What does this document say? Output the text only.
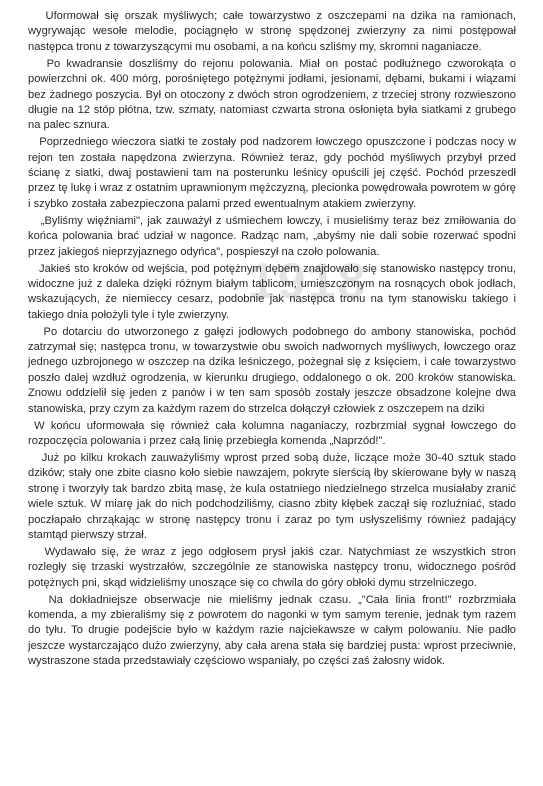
Uformował się orszak myśliwych; całe towarzystwo z oszczepami na dzika na ramionach, wygrywając wesołe melodie, pociągnęło w stronę spędzonej zwierzyny za nimi postępował następca tronu z towarzyszącymi mu osobami, a na końcu szliśmy my, skromni naganiacze.

Po kwadransie doszliśmy do rejonu polowania. Miał on postać podłużnego czworokąta o powierzchni ok. 400 mórg, porośniętego potężnymi jodłami, jesionami, dębami, bukami i wiązami bez żadnego poszycia. Był on otoczony z dwóch stron ogrodzeniem, z trzeciej strony rozwieszono długie na 12 stóp płótna, tzw. szmaty, natomiast czwarta strona osłonięta była siatkami z grubego na palec sznura.

Poprzedniego wieczora siatki te zostały pod nadzorem łowczego opuszczone i podczas nocy w rejon ten została napędzona zwierzyna. Również teraz, gdy pochód myśliwych przybył przed ścianę z siatki, dwaj postawieni tam na posterunku leśnicy opuścili jej część. Pochód przeszedł przez tę lukę i wraz z ostatnim uprawnionym mężczyzną, plecionka powędrowała powrotem w górę i szybko została zabezpieczona palami przed ewentualnym atakiem zwierzyny.

„Byliśmy więźniami", jak zauważył z uśmiechem łowczy, i musieliśmy teraz bez zmiłowania do końca polowania brać udział w nagonce. Radząc nam, „abyśmy nie dali sobie rozerwać spodni przez jakiegoś nieprzyjaznego odyńca", pospieszył na czoło polowania.

Jakieś sto kroków od wejścia, pod potężnym dębem znajdowało się stanowisko następcy tronu, widoczne już z daleka dzięki różnym białym tablicom, umieszczonym na rosnących obok jodłach, wskazujących, że niemieccy cesarz, podobnie jak następca tronu na tym stanowisku takiego i takiego dnia położyli tyle i tyle zwierzyny.

Po dotarciu do utworzonego z gałęzi jodłowych podobnego do ambony stanowiska, pochód zatrzymał się; następca tronu, w towarzystwie obu swoich nadwornych myśliwych, łowczego oraz jednego uzbrojonego w oszczep na dzika leśniczego, pożegnał się z księciem, i całe towarzystwo poszło dalej wzdłuż ogrodzenia, w kierunku drugiego, oddalonego o ok. 200 kroków stanowiska. Znowu oddzielił się jeden z panów i w ten sam sposób zostały jeszcze obsadzone kolejne dwa stanowiska, przy czym za każdym razem do strzelca dołączył człowiek z oszczepem na dziki

W końcu uformowała się również cała kolumna naganiaczy, rozbrzmiał sygnał łowczego do rozpoczęcia polowania i przez całą linię przebiegła komenda „Naprzód!".

Już po kilku krokach zauważyliśmy wprost przed sobą duże, liczące może 30-40 sztuk stado dzików; stały one zbite ciasno koło siebie nawzajem, pokryte sierścią łby skierowane były w naszą stronę i tworzyły tak bardzo zbitą masę, że kula ostatniego niedzielnego strzelca musiałaby zranić wiele sztuk. W miarę jak do nich podchodziliśmy, ciasno zbity kłębek zaczął się rozluźniać, stado poczłapało chrząkając w stronę następcy tronu i zaraz po tym usłyszeliśmy również padający stamtąd pierwszy strzał.

Wydawało się, że wraz z jego odgłosem prysł jakiś czar. Natychmiast ze wszystkich stron rozległy się trzaski wystrzałów, szczególnie ze stanowiska następcy tronu, widocznego pośród potężnych pni, skąd widzieliśmy unoszące się co chwila do góry obłoki dymu strzelniczego.

Na dokładniejsze obserwacje nie mieliśmy jednak czasu. „"Cała linia front!" rozbrzmiała komenda, a my zbieraliśmy się z powrotem do nagonki w tym samym terenie, jednak tym razem do tyłu. To drugie podejście było w każdym razie najciekawsze w całym polowaniu. Nie padło jeszcze wystarczająco dużo zwierzyny, aby cała arena stała się bardziej pusta: wprost przeciwnie, wystraszone stada przedstawiały częściowo wspaniały, po części zaś żałosny widok.

1918
